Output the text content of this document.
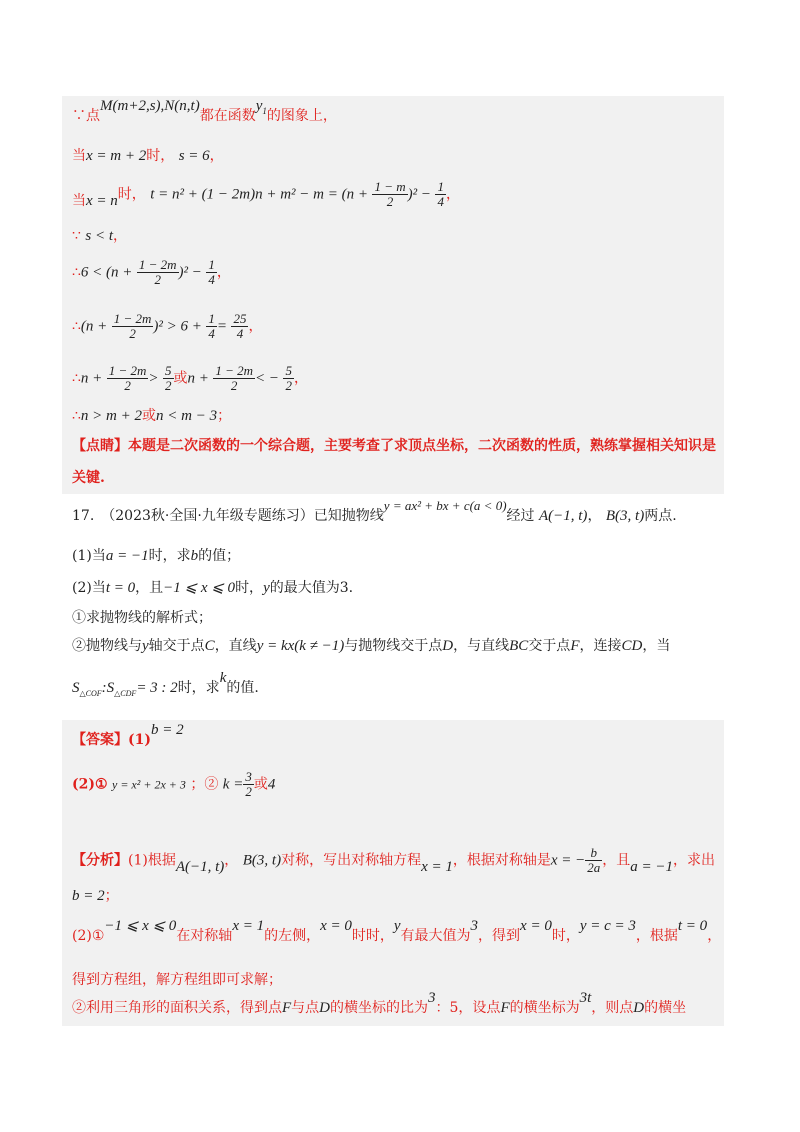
∵点M(m+2,s),N(n,t)都在函数$y_1$的图象上，
当x = m + 2时， s = 6，
当x = n时， $t = n^2 + (1 - 2m)n + m^2 - m = (n + \frac{1 - m}{2} )^2 - \frac{1}{4}$ ，
∵ s < t，
∴6 < $(n + \frac{1 - 2m}{2} )^2 - \frac{1}{4}$ ，
∴(n + $\frac{1 - 2m}{2} )^2 > 6 + \frac{1}{4} = \frac{25}{4}$ ，
∴n + $\frac{1 - 2m}{2} > \frac{5}{2}$ 或$n + \frac{1 - 2m}{2}$ < − $\frac{5}{2}$ ，
∴n > m + 2或n < m − 3；
【点睛】本题是二次函数的一个综合题，主要考查了求顶点坐标，二次函数的性质，熟练掌握相关知识是
关键.
17.　（2023秋·全国·九年级专题练习）已知抛物线y = ax² + bx + c(a < 0)经过 A(−1, t)， B(3, t)两点.
(1)当a = −1时，求b的值；
(2)当t = 0，且−1 ⩽ x ⩽ 0时，y的最大值为3.
①求抛物线的解析式；
②抛物线与y轴交于点C，直线y = kx(k ≠ −1)与抛物线交于点D，与直线BC交于点F，连接CD，当
$S_{\triangle COF}:S_{\triangle CDF}= 3$ : 2时，求k的值.
【答案】(1)b = 2
(2)① y = x² + 2x + 3 ；② $k = \frac{3}{2}$ 或4
【分析】(1)根据A(−1, t)， B(3, t)对称，写出对称轴方程x = 1，根据对称轴是x = − $\frac{b}{2a}$ ，且a = −1，求出
b = 2；
(2)①−1 ⩽ x ⩽ 0在对称轴x = 1的左侧，x = 0时时，y有最大值为3，得到x = 0时，y = c = 3，根据t = 0，
得到方程组，解方程组即可求解；
②利用三角形的面积关系，得到点F与点D的横坐标的比为3：5，设点F的横坐标为3t，则点D的横坐
